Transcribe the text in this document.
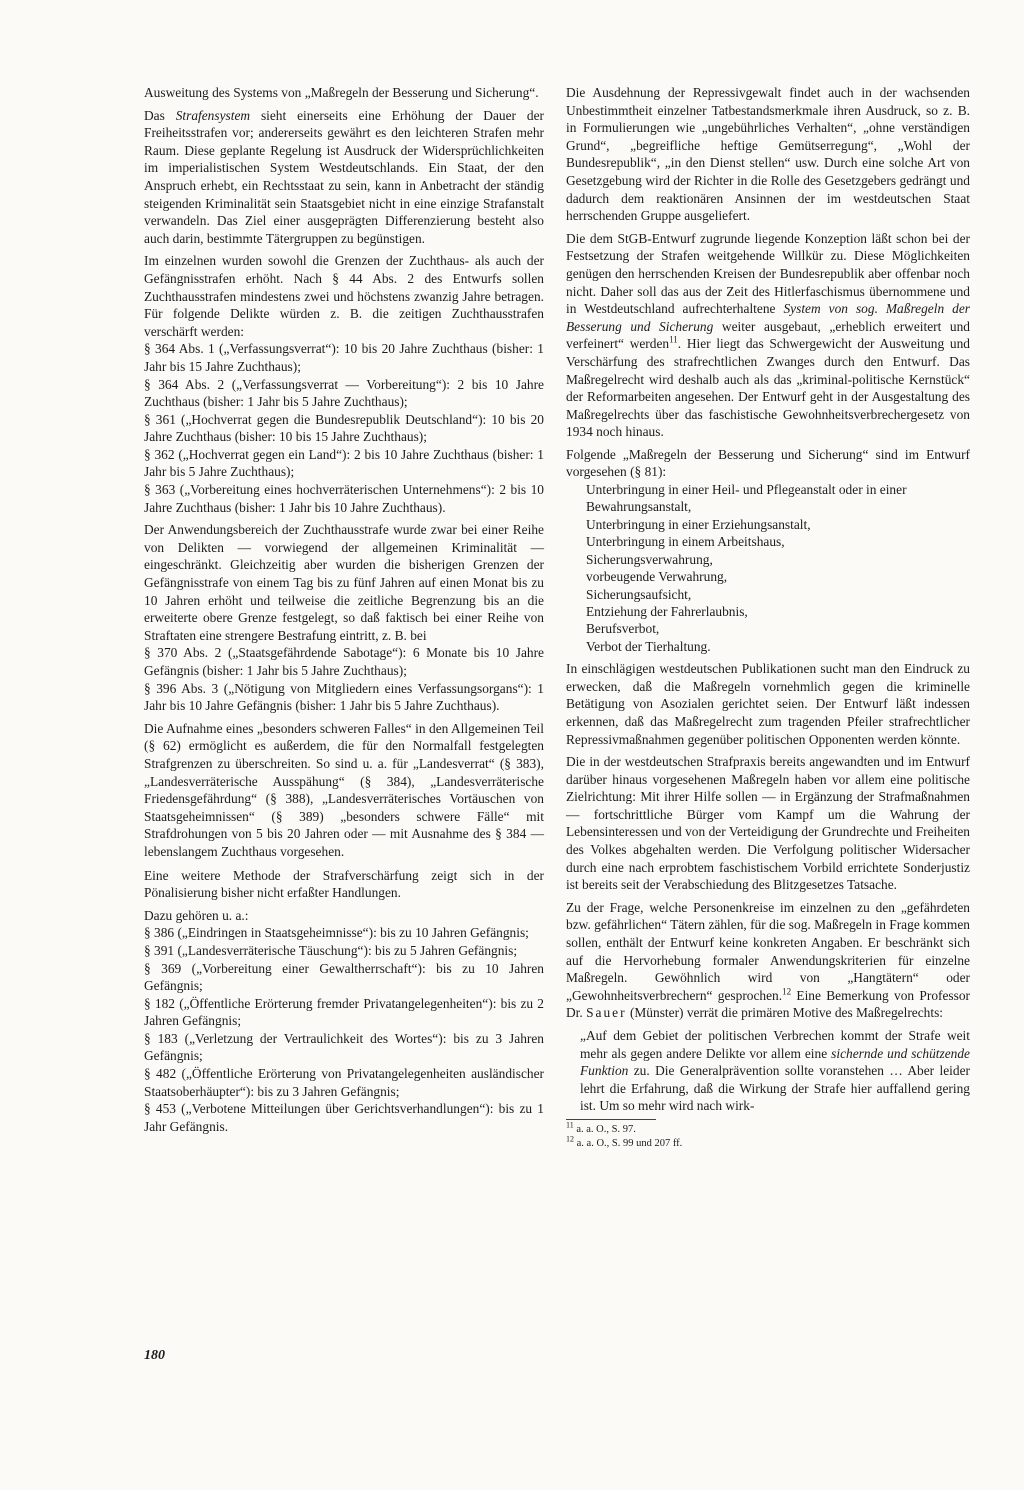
Ausweitung des Systems von „Maßregeln der Besserung und Sicherung“.

Das Strafensystem sieht einerseits eine Erhöhung der Dauer der Freiheitsstrafen vor; andererseits gewährt es den leichteren Strafen mehr Raum. Diese geplante Regelung ist Ausdruck der Widersprüchlichkeiten im imperialistischen System Westdeutschlands. Ein Staat, der den Anspruch erhebt, ein Rechtsstaat zu sein, kann in Anbetracht der ständig steigenden Kriminalität sein Staatsgebiet nicht in eine einzige Strafanstalt verwandeln. Das Ziel einer ausgeprägten Differenzierung besteht also auch darin, bestimmte Tätergruppen zu begünstigen.

Im einzelnen wurden sowohl die Grenzen der Zuchthaus- als auch der Gefängnisstrafen erhöht. Nach § 44 Abs. 2 des Entwurfs sollen Zuchthausstrafen mindestens zwei und höchstens zwanzig Jahre betragen. Für folgende Delikte würden z. B. die zeitigen Zuchthausstrafen verschärft werden:

§ 364 Abs. 1 („Verfassungsverrat“): 10 bis 20 Jahre Zuchthaus (bisher: 1 Jahr bis 15 Jahre Zuchthaus);

§ 364 Abs. 2 („Verfassungsverrat — Vorbereitung“): 2 bis 10 Jahre Zuchthaus (bisher: 1 Jahr bis 5 Jahre Zuchthaus);

§ 361 („Hochverrat gegen die Bundesrepublik Deutschland“): 10 bis 20 Jahre Zuchthaus (bisher: 10 bis 15 Jahre Zuchthaus);

§ 362 („Hochverrat gegen ein Land“): 2 bis 10 Jahre Zuchthaus (bisher: 1 Jahr bis 5 Jahre Zuchthaus);

§ 363 („Vorbereitung eines hochverräterischen Unternehmens“): 2 bis 10 Jahre Zuchthaus (bisher: 1 Jahr bis 10 Jahre Zuchthaus).

Der Anwendungsbereich der Zuchthausstrafe wurde zwar bei einer Reihe von Delikten — vorwiegend der allgemeinen Kriminalität — eingeschränkt. Gleichzeitig aber wurden die bisherigen Grenzen der Gefängnisstrafe von einem Tag bis zu fünf Jahren auf einen Monat bis zu 10 Jahren erhöht und teilweise die zeitliche Begrenzung bis an die erweiterte obere Grenze festgelegt, so daß faktisch bei einer Reihe von Straftaten eine strengere Bestrafung eintritt, z. B. bei

§ 370 Abs. 2 („Staatsgefährdende Sabotage“): 6 Monate bis 10 Jahre Gefängnis (bisher: 1 Jahr bis 5 Jahre Zuchthaus);

§ 396 Abs. 3 („Nötigung von Mitgliedern eines Verfassungsorgans“): 1 Jahr bis 10 Jahre Gefängnis (bisher: 1 Jahr bis 5 Jahre Zuchthaus).

Die Aufnahme eines „besonders schweren Falles“ in den Allgemeinen Teil (§ 62) ermöglicht es außerdem, die für den Normalfall festgelegten Strafgrenzen zu überschreiten. So sind u. a. für „Landesverrat“ (§ 383), „Landesverräterische Ausspähung“ (§ 384), „Landesverräterische Friedensgefährdung“ (§ 388), „Landesverräterisches Vortäuschen von Staatsgeheimnissen“ (§ 389) „besonders schwere Fälle“ mit Strafdrohungen von 5 bis 20 Jahren oder — mit Ausnahme des § 384 — lebenslangem Zuchthaus vorgesehen.

Eine weitere Methode der Strafverschärfung zeigt sich in der Pönalisierung bisher nicht erfaßter Handlungen.

Dazu gehören u. a.:

§ 386 („Eindringen in Staatsgeheimnisse“): bis zu 10 Jahren Gefängnis;

§ 391 („Landesverräterische Täuschung“): bis zu 5 Jahren Gefängnis;

§ 369 („Vorbereitung einer Gewaltherrschaft“): bis zu 10 Jahren Gefängnis;

§ 182 („Öffentliche Erörterung fremder Privatangelegenheiten“): bis zu 2 Jahren Gefängnis;

§ 183 („Verletzung der Vertraulichkeit des Wortes“): bis zu 3 Jahren Gefängnis;

§ 482 („Öffentliche Erörterung von Privatangelegenheiten ausländischer Staatsoberhäupter“): bis zu 3 Jahren Gefängnis;

§ 453 („Verbotene Mitteilungen über Gerichtsverhandlungen“): bis zu 1 Jahr Gefängnis.

Die Ausdehnung der Repressivgewalt findet auch in der wachsenden Unbestimmtheit einzelner Tatbestandsmerkmale ihren Ausdruck, so z. B. in Formulierungen wie „ungebührliches Verhalten“, „ohne verständigen Grund“, „begreifliche heftige Gemütserregung“, „Wohl der Bundesrepublik“, „in den Dienst stellen“ usw. Durch eine solche Art von Gesetzgebung wird der Richter in die Rolle des Gesetzgebers gedrängt und dadurch dem reaktionären Ansinnen der im westdeutschen Staat herrschenden Gruppe ausgeliefert.

Die dem StGB-Entwurf zugrunde liegende Konzeption läßt schon bei der Festsetzung der Strafen weitgehende Willkür zu. Diese Möglichkeiten genügen den herrschenden Kreisen der Bundesrepublik aber offenbar noch nicht. Daher soll das aus der Zeit des Hitlerfaschismus übernommene und in Westdeutschland aufrechterhaltene System von sog. Maßregeln der Besserung und Sicherung weiter ausgebaut, „erheblich erweitert und verfeinert“ werden$^{11}$. Hier liegt das Schwergewicht der Ausweitung und Verschärfung des strafrechtlichen Zwanges durch den Entwurf. Das Maßregelrecht wird deshalb auch als das „kriminal-politische Kernstück“ der Reformarbeiten angesehen. Der Entwurf geht in der Ausgestaltung des Maßregelrechts über das faschistische Gewohnheitsverbrechergesetz von 1934 noch hinaus.

Folgende „Maßregeln der Besserung und Sicherung“ sind im Entwurf vorgesehen (§ 81):

Unterbringung in einer Heil- und Pflegeanstalt oder in einer Bewahrungsanstalt,
Unterbringung in einer Erziehungsanstalt,
Unterbringung in einem Arbeitshaus,
Sicherungsverwahrung,
vorbeugende Verwahrung,
Sicherungsaufsicht,
Entziehung der Fahrerlaubnis,
Berufsverbot,
Verbot der Tierhaltung.

In einschlägigen westdeutschen Publikationen sucht man den Eindruck zu erwecken, daß die Maßregeln vornehmlich gegen die kriminelle Betätigung von Asozialen gerichtet seien. Der Entwurf läßt indessen erkennen, daß das Maßregelrecht zum tragenden Pfeiler strafrechtlicher Repressivmaßnahmen gegenüber politischen Opponenten werden könnte.

Die in der westdeutschen Strafpraxis bereits angewandten und im Entwurf darüber hinaus vorgesehenen Maßregeln haben vor allem eine politische Zielrichtung: Mit ihrer Hilfe sollen — in Ergänzung der Strafmaßnahmen — fortschrittliche Bürger vom Kampf um die Wahrung der Lebensinteressen und von der Verteidigung der Grundrechte und Freiheiten des Volkes abgehalten werden. Die Verfolgung politischer Widersacher durch eine nach erprobtem faschistischem Vorbild errichtete Sonderjustiz ist bereits seit der Verabschiedung des Blitzgesetzes Tatsache.

Zu der Frage, welche Personenkreise im einzelnen zu den „gefährdeten bzw. gefährlichen“ Tätern zählen, für die sog. Maßregeln in Frage kommen sollen, enthält der Entwurf keine konkreten Angaben. Er beschränkt sich auf die Hervorhebung formaler Anwendungskriterien für einzelne Maßregeln. Gewöhnlich wird von „Hangtätern“ oder „Gewohnheitsverbrechern“ gesprochen.$^{12}$ Eine Bemerkung von Professor Dr. Sauer (Münster) verrät die primären Motive des Maßregelrechts:

„Auf dem Gebiet der politischen Verbrechen kommt der Strafe weit mehr als gegen andere Delikte vor allem eine sichernde und schützende Funktion zu. Die Generalprävention sollte voranstehen … Aber leider lehrt die Erfahrung, daß die Wirkung der Strafe hier auffallend gering ist. Um so mehr wird nach wirk-

$^{11}$ a. a. O., S. 97.

$^{12}$ a. a. O., S. 99 und 207 ff.

180
